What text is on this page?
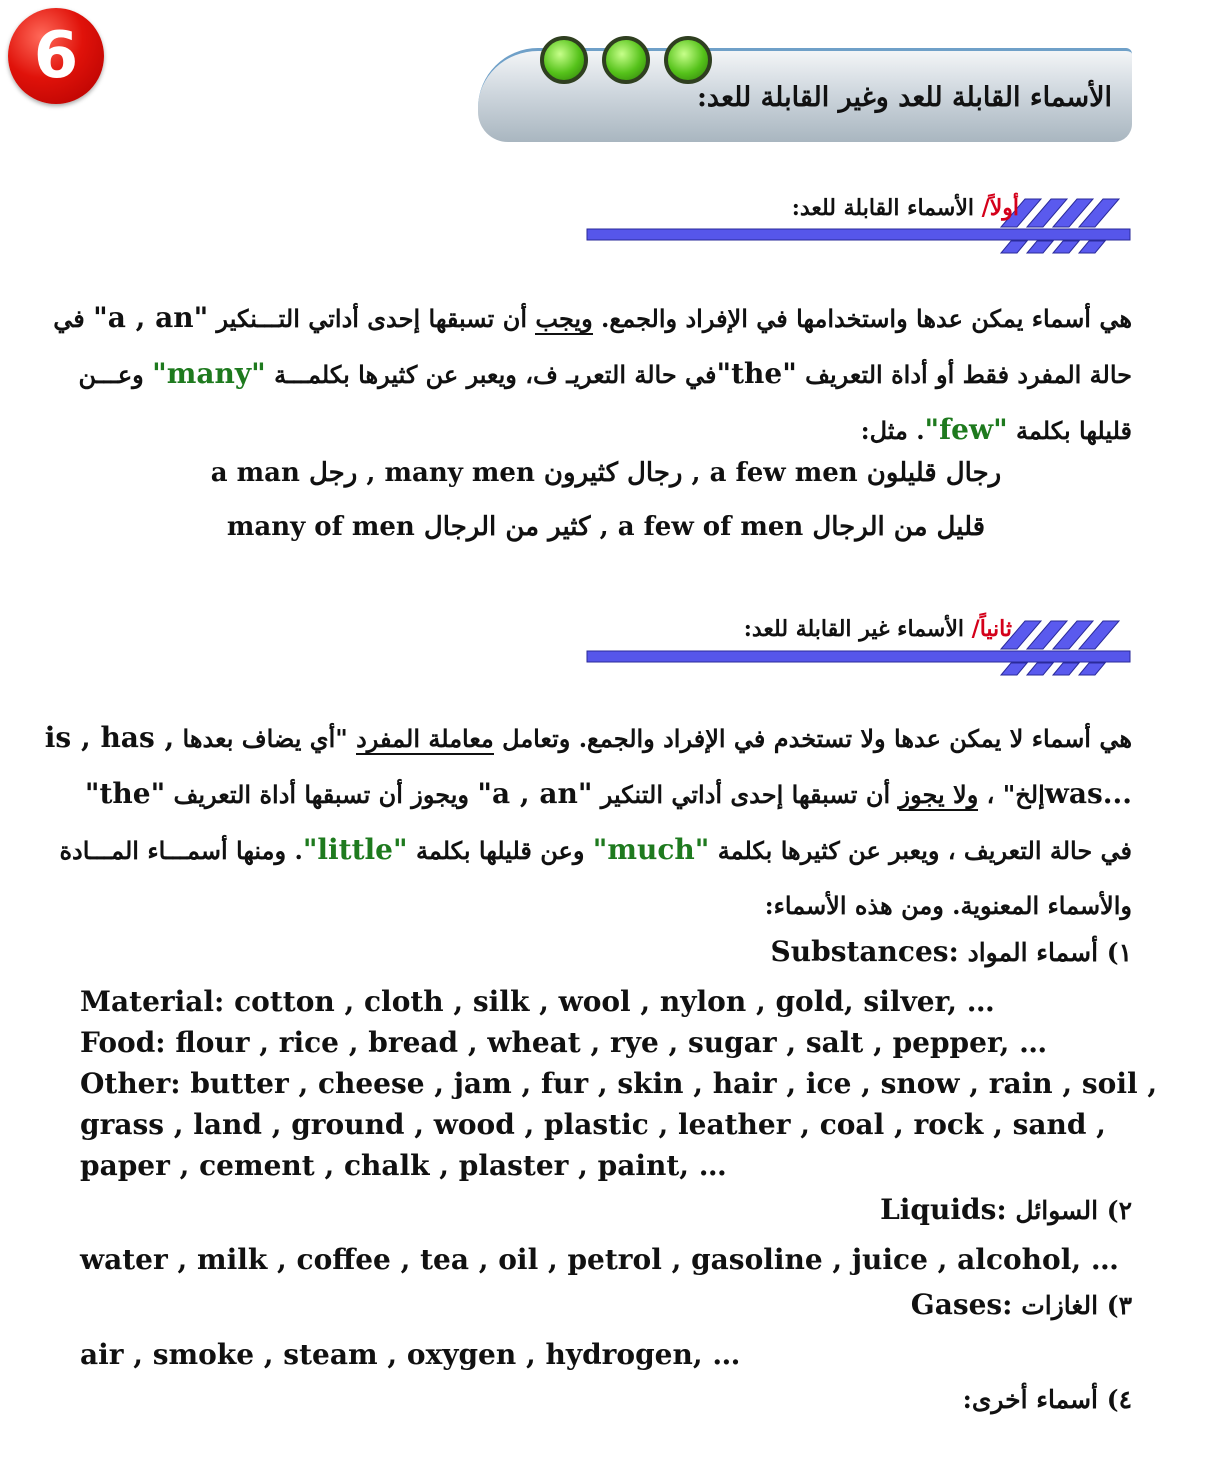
6
الأسماء القابلة للعد وغير القابلة للعد:
أولاً/ الأسماء القابلة للعد:
هي أسماء يمكن عدها واستخدامها في الإفراد والجمع. ويجب أن تسبقها إحدى أداتي التـــنكير "a , an" في
حالة المفرد فقط أو أداة التعريف "the"في حالة التعريـ ف، ويعبر عن كثيرها بكلمـــة "many" وعـــن
قليلها بكلمة "few". مثل:
رجال قليلون a few men , رجال كثيرون many men , رجل a man
قليل من الرجال a few of men , كثير من الرجال many of men
ثانياً/ الأسماء غير القابلة للعد:
هي أسماء لا يمكن عدها ولا تستخدم في الإفراد والجمع. وتعامل معاملة المفرد "أي يضاف بعدها is , has ,
was...إلخ" ، ولا يجوز أن تسبقها إحدى أداتي التنكير "a , an" ويجوز أن تسبقها أداة التعريف "the"
في حالة التعريف ، ويعبر عن كثيرها بكلمة "much" وعن قليلها بكلمة "little". ومنها أسمـــاء المـــادة
والأسماء المعنوية. ومن هذه الأسماء:
١) أسماء المواد Substances:
Material: cotton , cloth , silk , wool , nylon , gold, silver, …
Food: flour , rice , bread , wheat , rye , sugar , salt , pepper, …
Other: butter , cheese , jam , fur , skin , hair , ice , snow , rain , soil ,
grass , land , ground , wood , plastic , leather , coal , rock , sand ,
paper , cement , chalk , plaster , paint, …
٢) السوائل Liquids:
water , milk , coffee , tea , oil , petrol , gasoline , juice , alcohol, …
٣) الغازات Gases:
air , smoke , steam , oxygen , hydrogen, …
٤) أسماء أخرى:
